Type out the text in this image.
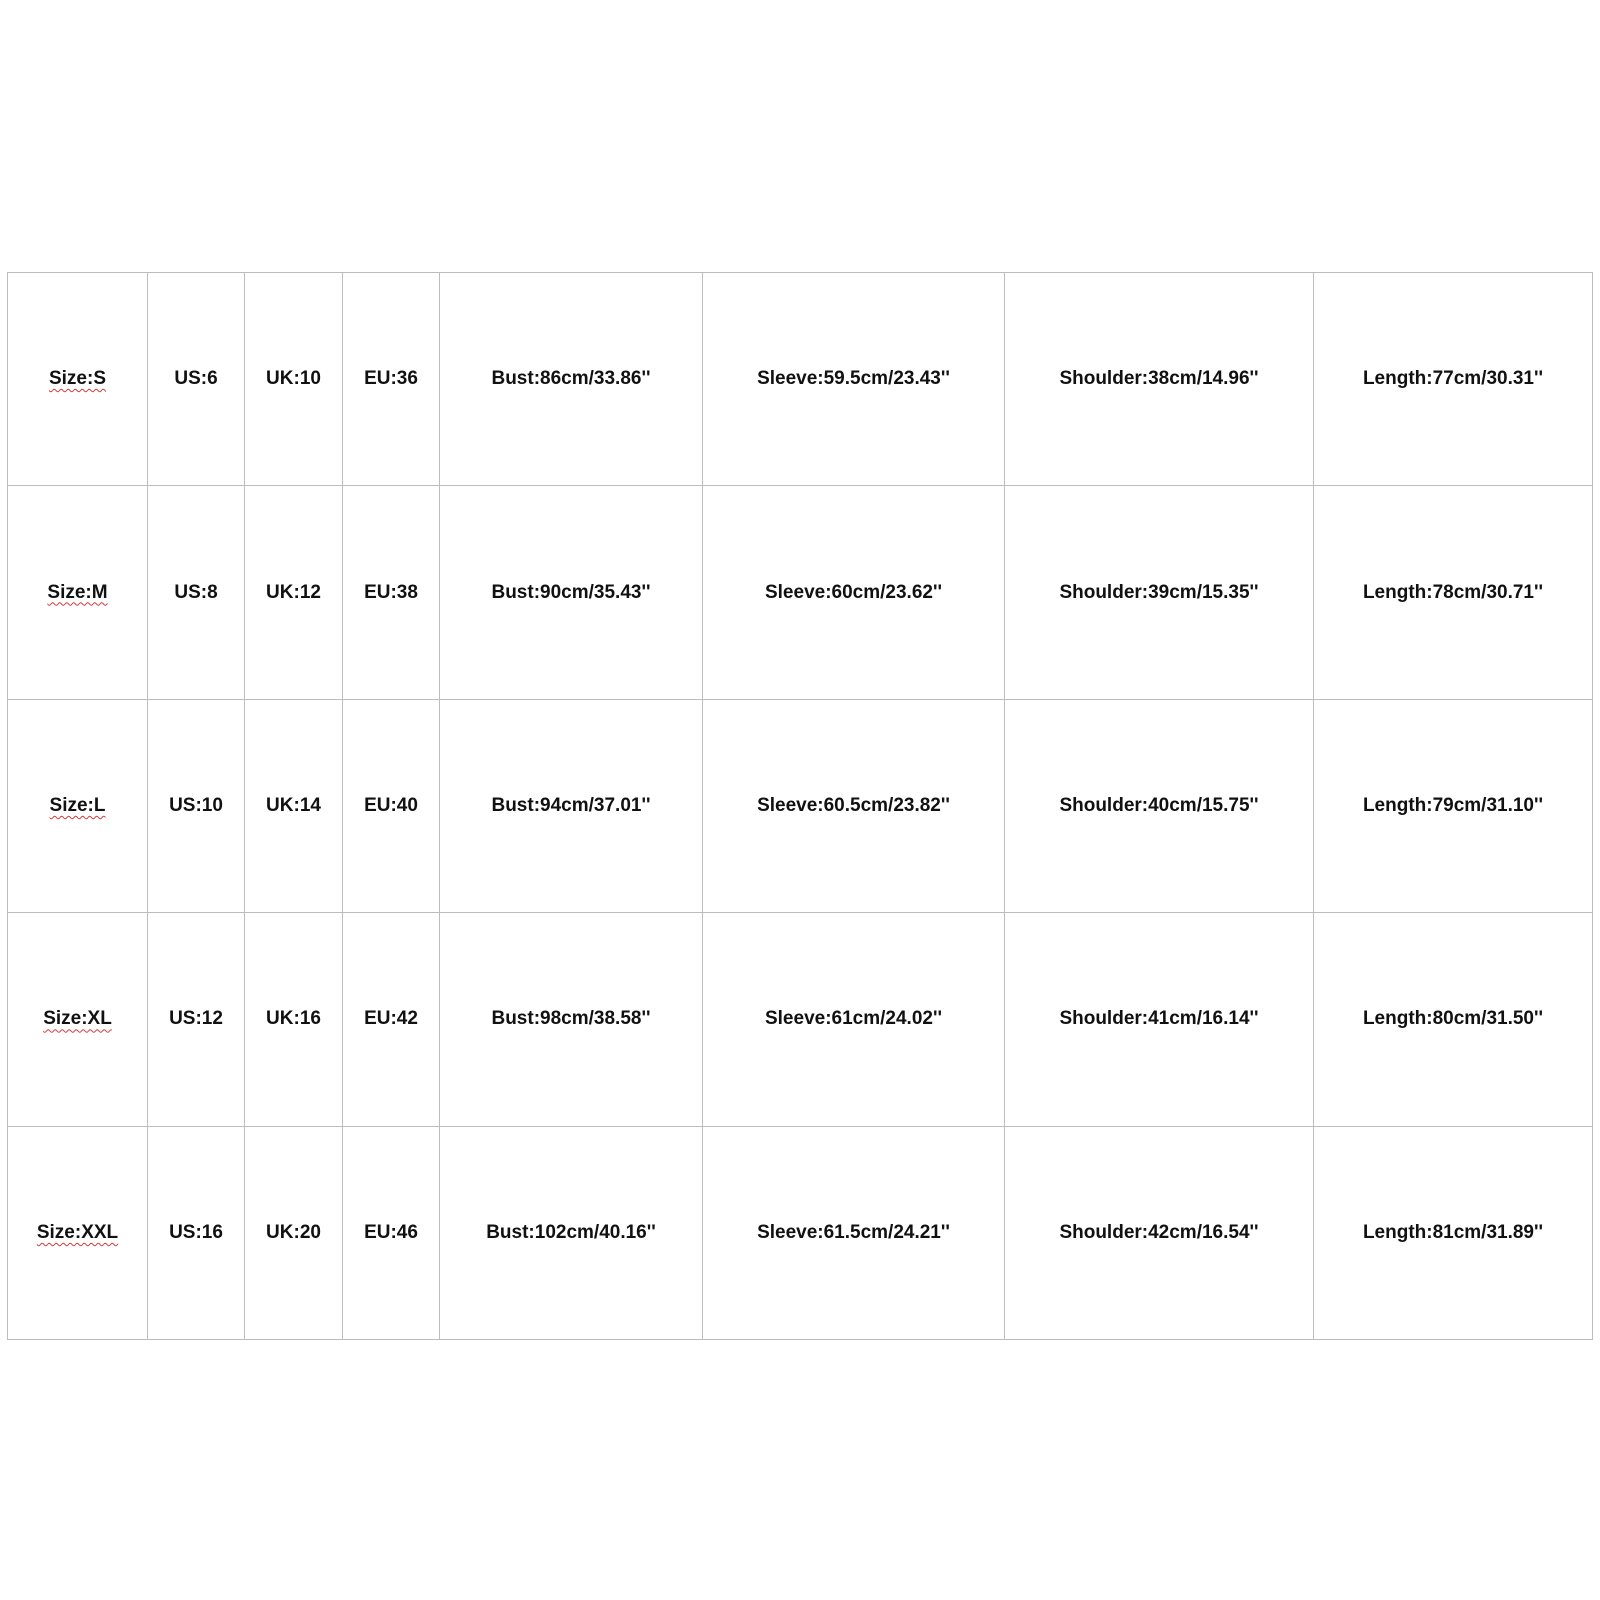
Size:S	US:6	UK:10	EU:36	Bust:86cm/33.86''	Sleeve:59.5cm/23.43''	Shoulder:38cm/14.96''	Length:77cm/30.31''
Size:M	US:8	UK:12	EU:38	Bust:90cm/35.43''	Sleeve:60cm/23.62''	Shoulder:39cm/15.35''	Length:78cm/30.71''
Size:L	US:10	UK:14	EU:40	Bust:94cm/37.01''	Sleeve:60.5cm/23.82''	Shoulder:40cm/15.75''	Length:79cm/31.10''
Size:XL	US:12	UK:16	EU:42	Bust:98cm/38.58''	Sleeve:61cm/24.02''	Shoulder:41cm/16.14''	Length:80cm/31.50''
Size:XXL	US:16	UK:20	EU:46	Bust:102cm/40.16''	Sleeve:61.5cm/24.21''	Shoulder:42cm/16.54''	Length:81cm/31.89''
